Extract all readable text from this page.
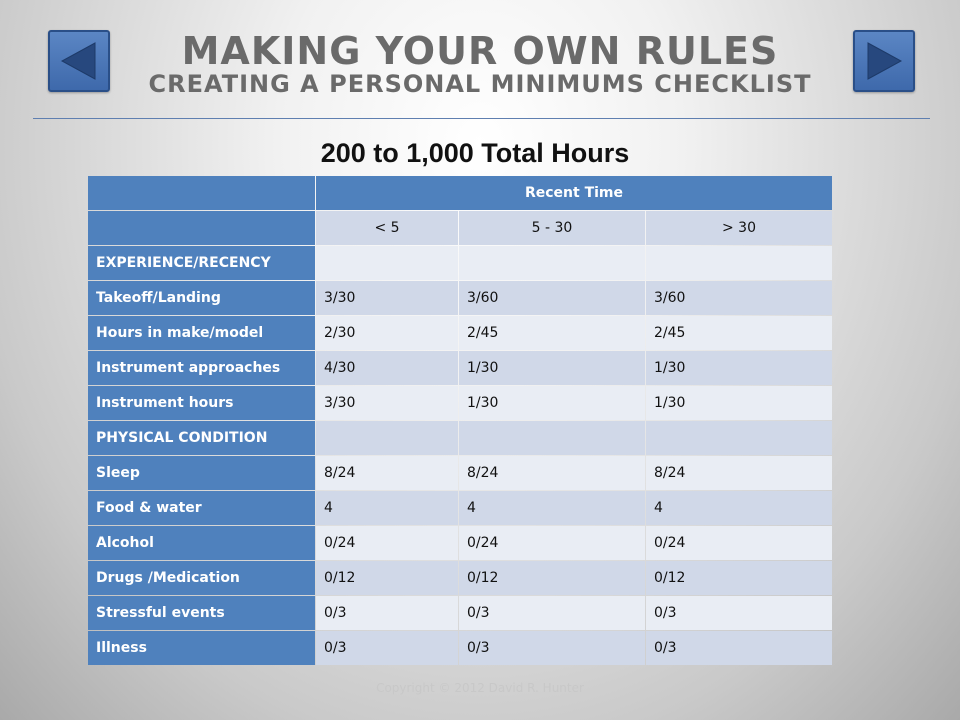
MAKING YOUR OWN RULES
CREATING A PERSONAL MINIMUMS CHECKLIST
200 to 1,000 Total Hours
Recent Time
< 5	5 - 30	> 30
EXPERIENCE/RECENCY
Takeoff/Landing	3/30	3/60	3/60
Hours in make/model	2/30	2/45	2/45
Instrument approaches	4/30	1/30	1/30
Instrument hours	3/30	1/30	1/30
PHYSICAL CONDITION
Sleep	8/24	8/24	8/24
Food & water	4	4	4
Alcohol	0/24	0/24	0/24
Drugs /Medication	0/12	0/12	0/12
Stressful events	0/3	0/3	0/3
Illness	0/3	0/3	0/3
Copyright © 2012 David R. Hunter
